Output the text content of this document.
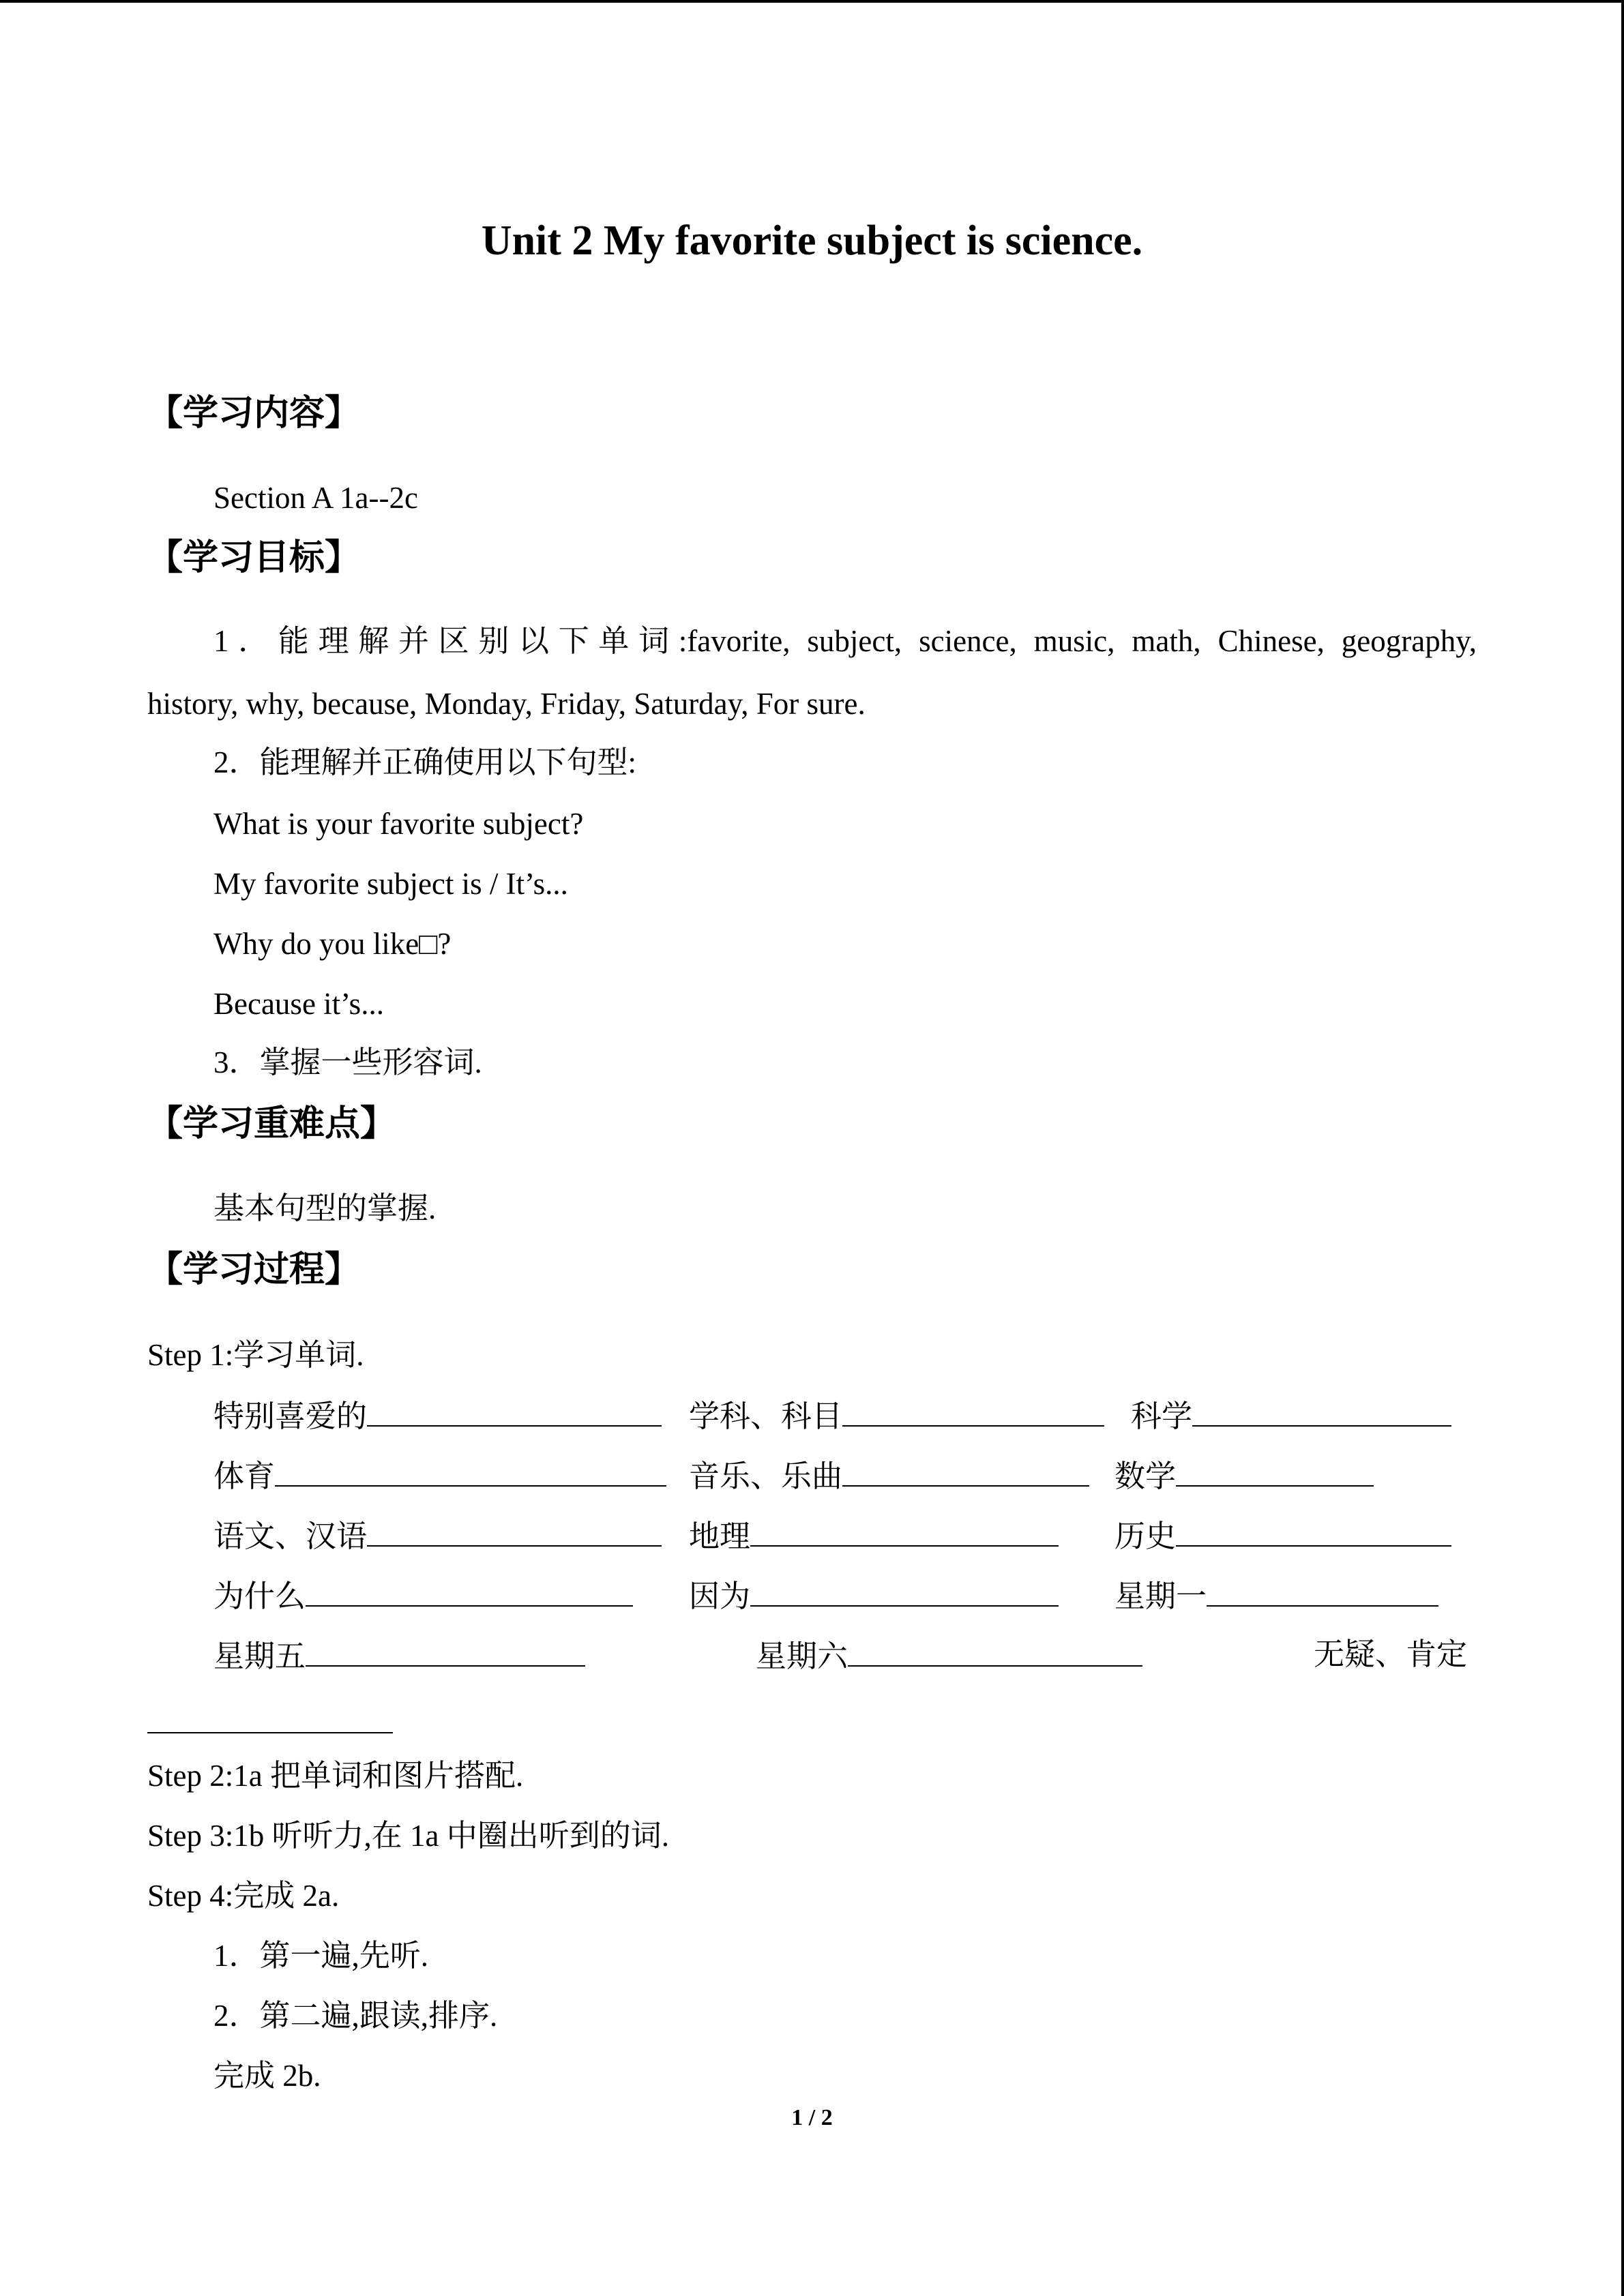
Unit 2 My favorite subject is science.
【学习内容】
Section A 1a--2c
【学习目标】
1．能理解并区别以下单词:favorite, subject, science, music, math, Chinese, geography,
history, why, because, Monday, Friday, Saturday, For sure.
2．能理解并正确使用以下句型:
What is your favorite subject?
My favorite subject is / It’s...
Why do you like□?
Because it’s...
3．掌握一些形容词.
【学习重难点】
基本句型的掌握.
【学习过程】
Step 1:学习单词.
特别喜爱的	学科、科目	科学
体育	音乐、乐曲	数学
语文、汉语	地理	历史
为什么	因为	星期一
星期五	星期六	无疑、肯定
Step 2:1a 把单词和图片搭配.
Step 3:1b 听听力,在 1a 中圈出听到的词.
Step 4:完成 2a.
1．第一遍,先听.
2．第二遍,跟读,排序.
完成 2b.
1 / 2
